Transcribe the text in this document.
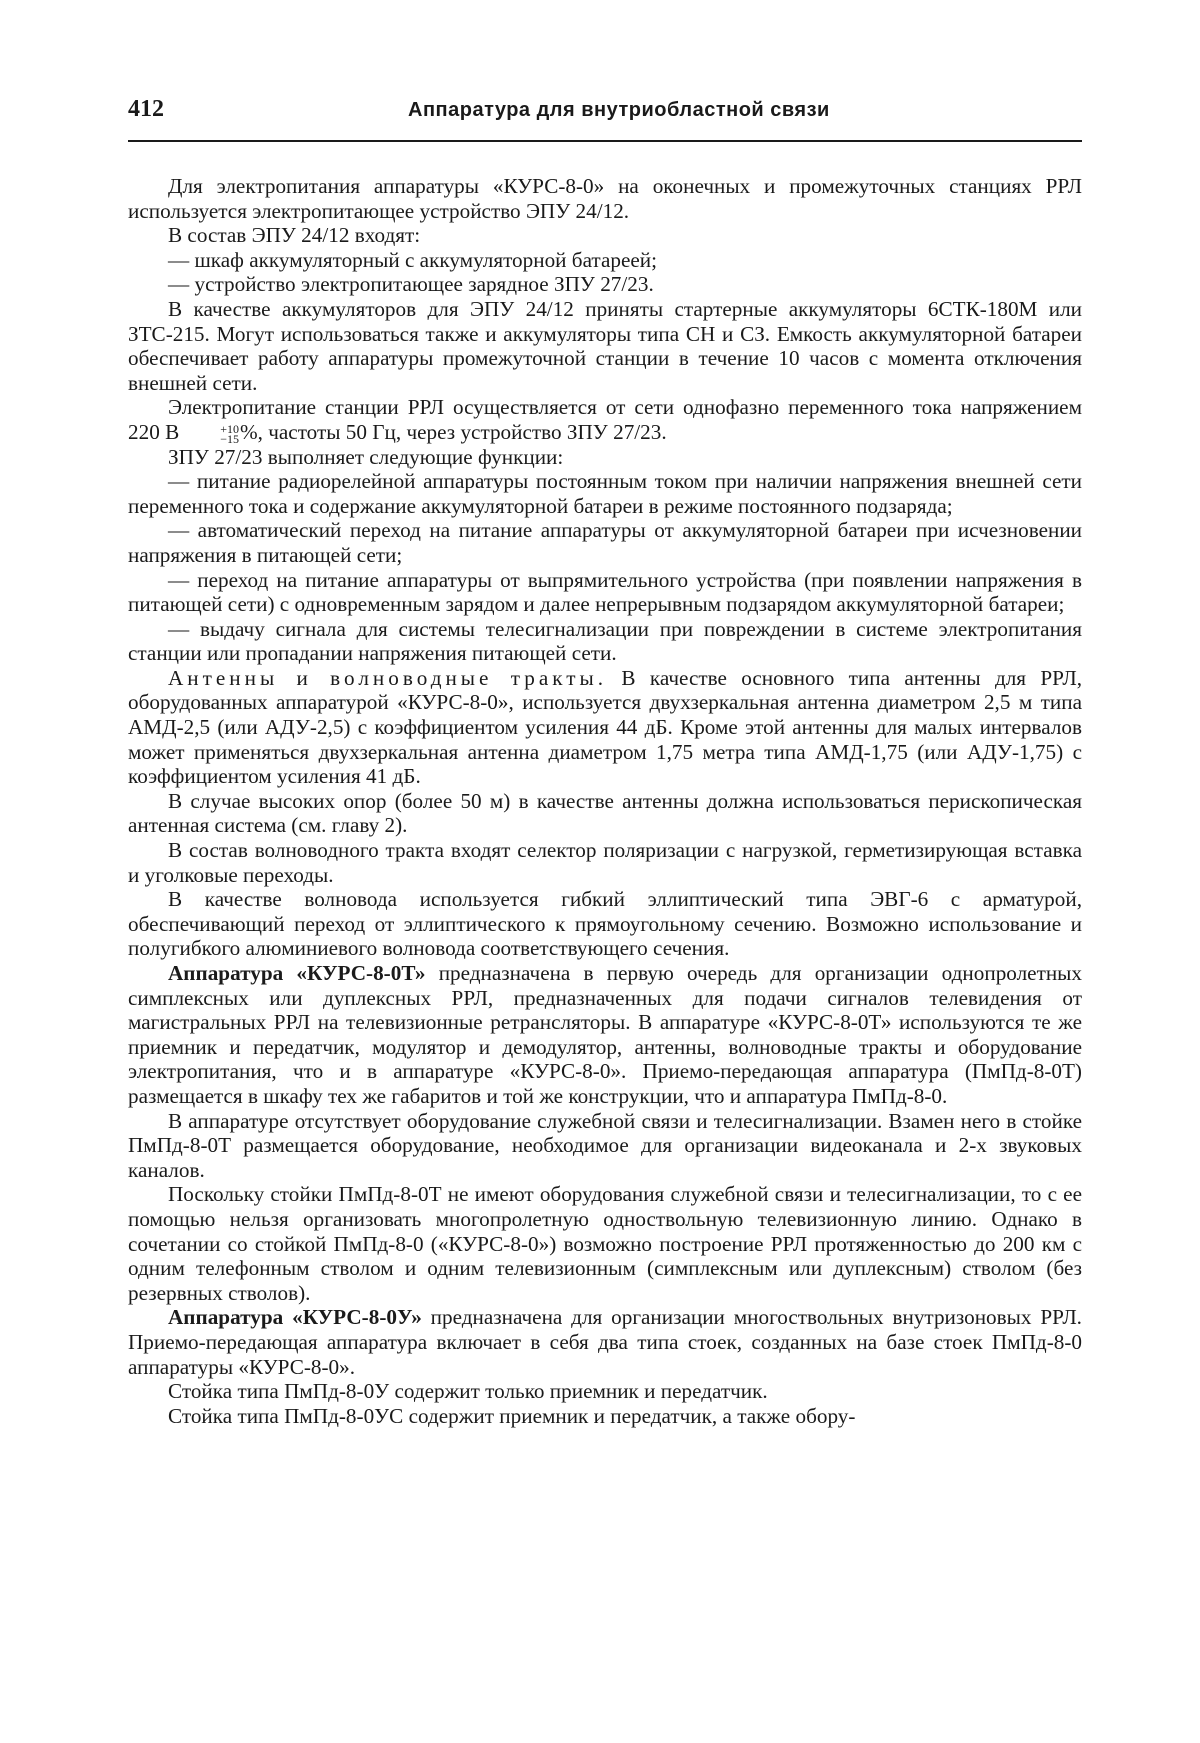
412	Аппаратура для внутриобластной связи

Для электропитания аппаратуры «КУРС-8-0» на оконечных и промежуточных станциях РРЛ используется электропитающее устройство ЭПУ 24/12.

В состав ЭПУ 24/12 входят:

— шкаф аккумуляторный с аккумуляторной батареей;

— устройство электропитающее зарядное ЗПУ 27/23.

В качестве аккумуляторов для ЭПУ 24/12 приняты стартерные аккумуляторы 6СТК-180М или ЗТС-215. Могут использоваться также и аккумуляторы типа СН и СЗ. Емкость аккумуляторной батареи обеспечивает работу аппаратуры промежуточной станции в течение 10 часов с момента отключения внешней сети.

Электропитание станции РРЛ осуществляется от сети однофазно переменного тока напряжением 220 В	+10
−15 %, частоты 50 Гц, через устройство ЗПУ 27/23.

ЗПУ 27/23 выполняет следующие функции:

— питание радиорелейной аппаратуры постоянным током при наличии напряжения внешней сети переменного тока и содержание аккумуляторной батареи в режиме постоянного подзаряда;

— автоматический переход на питание аппаратуры от аккумуляторной батареи при исчезновении напряжения в питающей сети;

— переход на питание аппаратуры от выпрямительного устройства (при появлении напряжения в питающей сети) с одновременным зарядом и далее непрерывным подзарядом аккумуляторной батареи;

— выдачу сигнала для системы телесигнализации при повреждении в системе электропитания станции или пропадании напряжения питающей сети.

Антенны и волноводные тракты. В качестве основного типа антенны для РРЛ, оборудованных аппаратурой «КУРС-8-0», используется двухзеркальная антенна диаметром 2,5 м типа АМД-2,5 (или АДУ-2,5) с коэффициентом усиления 44 дБ. Кроме этой антенны для малых интервалов может применяться двухзеркальная антенна диаметром 1,75 метра типа АМД-1,75 (или АДУ-1,75) с коэффициентом усиления 41 дБ.

В случае высоких опор (более 50 м) в качестве антенны должна использоваться перископическая антенная система (см. главу 2).

В состав волноводного тракта входят селектор поляризации с нагрузкой, герметизирующая вставка и уголковые переходы.

В качестве волновода используется гибкий эллиптический типа ЭВГ-6 с арматурой, обеспечивающий переход от эллиптического к прямоугольному сечению. Возможно использование и полугибкого алюминиевого волновода соответствующего сечения.

Аппаратура «КУРС-8-0Т» предназначена в первую очередь для организации однопролетных симплексных или дуплексных РРЛ, предназначенных для подачи сигналов телевидения от магистральных РРЛ на телевизионные ретрансляторы. В аппаратуре «КУРС-8-0Т» используются те же приемник и передатчик, модулятор и демодулятор, антенны, волноводные тракты и оборудование электропитания, что и в аппаратуре «КУРС-8-0». Приемо-передающая аппаратура (ПмПд-8-0Т) размещается в шкафу тех же габаритов и той же конструкции, что и аппаратура ПмПд-8-0.

В аппаратуре отсутствует оборудование служебной связи и телесигнализации. Взамен него в стойке ПмПд-8-0Т размещается оборудование, необходимое для организации видеоканала и 2-х звуковых каналов.

Поскольку стойки ПмПд-8-0Т не имеют оборудования служебной связи и телесигнализации, то с ее помощью нельзя организовать многопролетную одноствольную телевизионную линию. Однако в сочетании со стойкой ПмПд-8-0 («КУРС-8-0») возможно построение РРЛ протяженностью до 200 км с одним телефонным стволом и одним телевизионным (симплексным или дуплексным) стволом (без резервных стволов).

Аппаратура «КУРС-8-0У» предназначена для организации многоствольных внутризоновых РРЛ. Приемо-передающая аппаратура включает в себя два типа стоек, созданных на базе стоек ПмПд-8-0 аппаратуры «КУРС-8-0».

Стойка типа ПмПд-8-0У содержит только приемник и передатчик.

Стойка типа ПмПд-8-0УС содержит приемник и передатчик, а также обору-
